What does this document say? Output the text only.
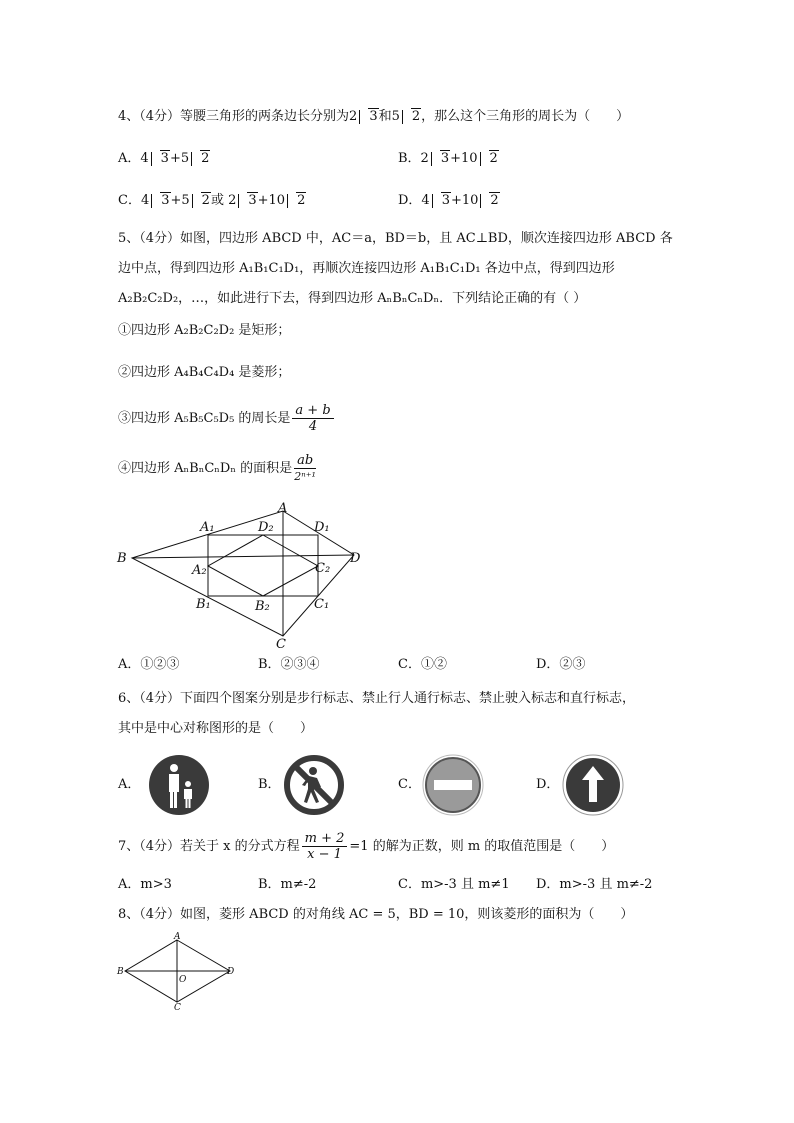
4、（4分）等腰三角形的两条边长分别为2 3和5 2，那么这个三角形的周长为（　　）
A．4 3+5 2	B．2 3+10 2
C．4 3+5 2或 2 3+10 2	D．4 3+10 2
5、（4分）如图，四边形 ABCD 中，AC＝a，BD＝b，且 AC⊥BD，顺次连接四边形 ABCD 各
边中点，得到四边形 A₁B₁C₁D₁，再顺次连接四边形 A₁B₁C₁D₁ 各边中点，得到四边形
A₂B₂C₂D₂，…，如此进行下去，得到四边形 AₙBₙCₙDₙ．下列结论正确的有（ ）
①四边形 A₂B₂C₂D₂ 是矩形；
②四边形 A₄B₄C₄D₄ 是菱形；
③四边形 A₅B₅C₅D₅ 的周长是 $\frac{a + b}{4}$
④四边形 AₙBₙCₙDₙ 的面积是 $\frac{ab}{\text{2ⁿ⁺¹}}$
A
B
C
D
A₁	D₂	D₁
A₂	C₂
B₁	B₂	C₁
A．①②③	B．②③④	C．①②	D．②③
6、（4分）下面四个图案分别是步行标志、禁止行人通行标志、禁止驶入标志和直行标志，
其中是中心对称图形的是（　　）
A．	B．	C．	D．
7、（4分）若关于 x 的分式方程 $\frac{m + 2}{x - 1} =1$ 的解为正数，则 m 的取值范围是（　　）
A．m>3	B．m≠-2	C．m>-3 且 m≠1 D．m>-3 且 m≠-2
8、（4分）如图，菱形 ABCD 的对角线 AC = 5，BD = 10，则该菱形的面积为（　　）
A
B
C
D
O
